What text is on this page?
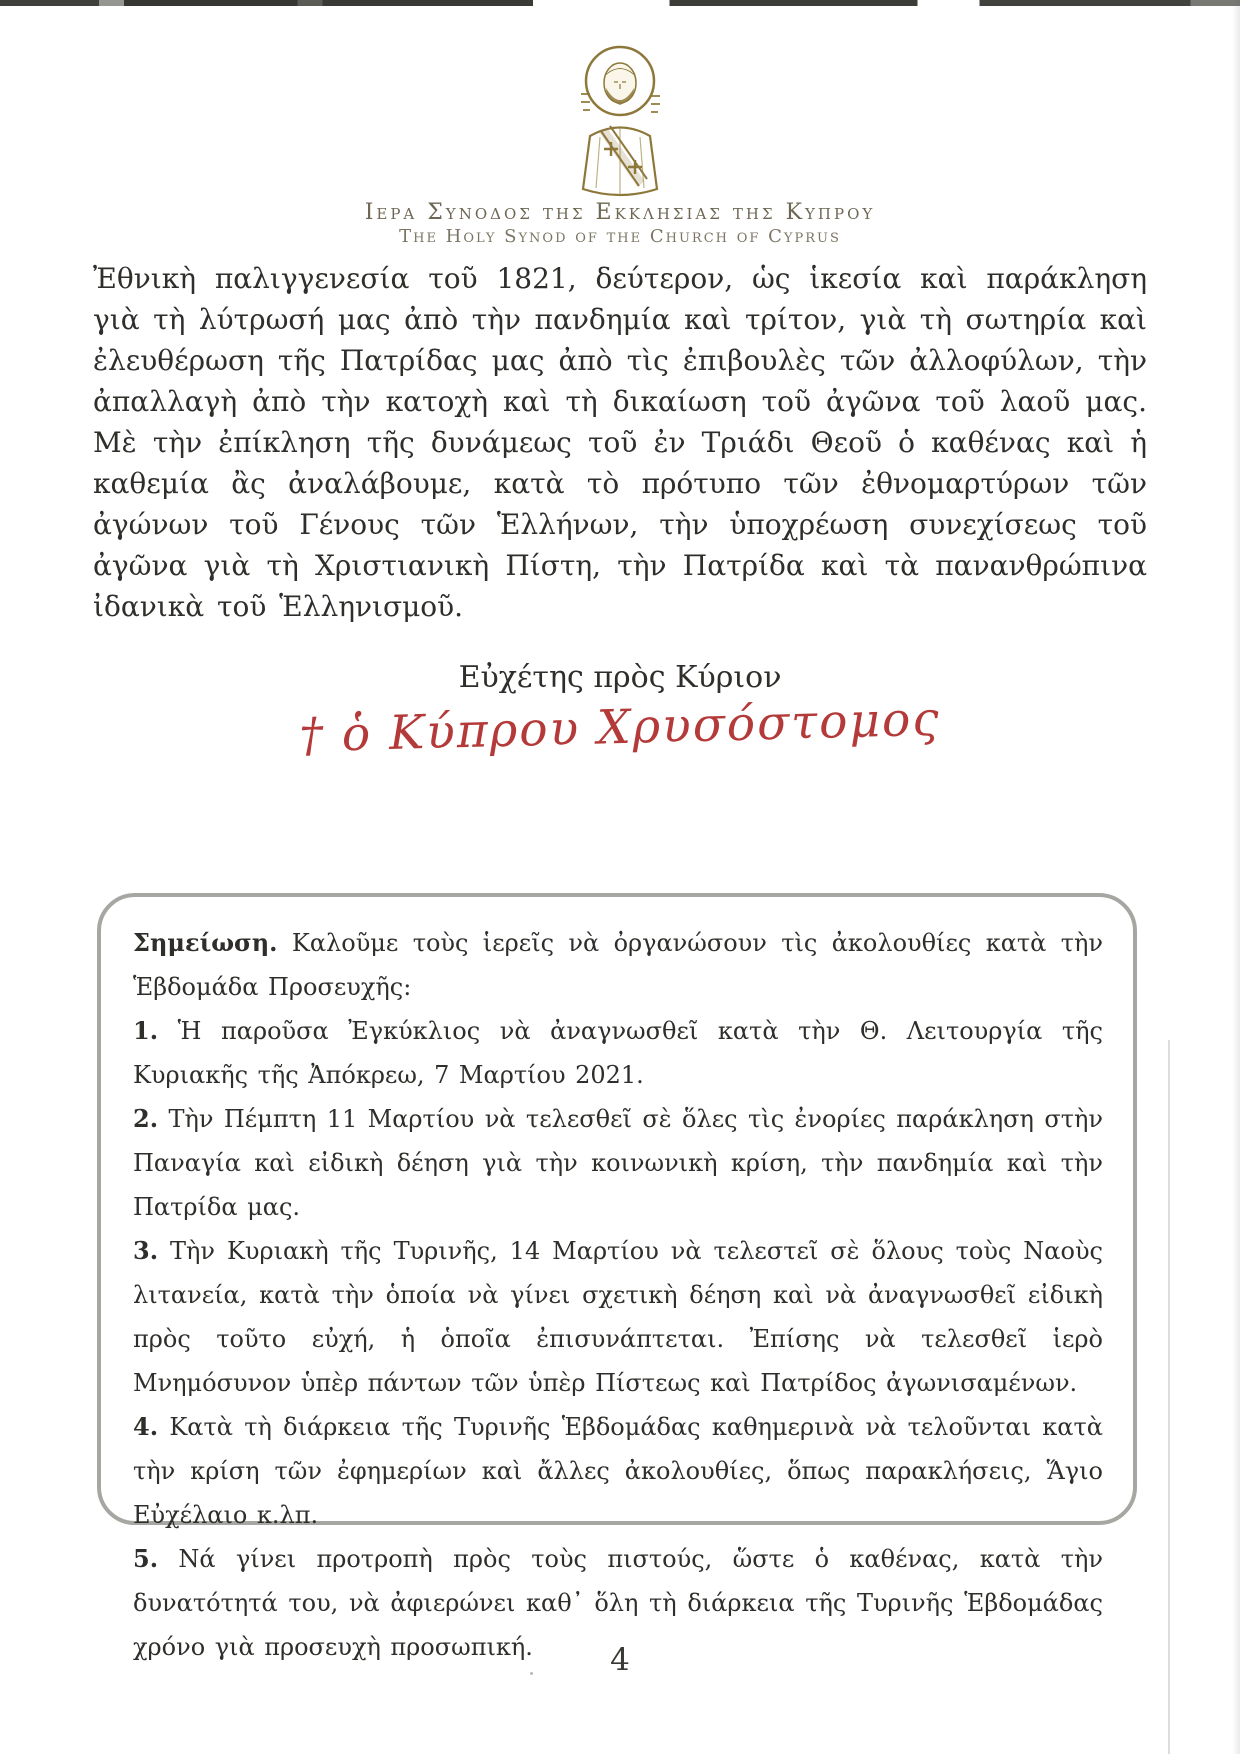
Ιερα Συνοδος της Εκκλησιας της Κυπρου
The Holy Synod of the Church of Cyprus
Ἐθνικὴ παλιγγενεσία τοῦ 1821, δεύτερον, ὡς ἱκεσία καὶ παράκληση γιὰ τὴ λύτρωσή μας ἀπὸ τὴν πανδημία καὶ τρίτον, γιὰ τὴ σωτηρία καὶ ἐλευθέρωση τῆς Πατρίδας μας ἀπὸ τὶς ἐπιβουλὲς τῶν ἀλλοφύλων, τὴν ἀπαλλαγὴ ἀπὸ τὴν κατοχὴ καὶ τὴ δικαίωση τοῦ ἀγῶνα τοῦ λαοῦ μας. Μὲ τὴν ἐπίκληση τῆς δυνάμεως τοῦ ἐν Τριάδι Θεοῦ ὁ καθένας καὶ ἡ καθεμία ἂς ἀναλάβουμε, κατὰ τὸ πρότυπο τῶν ἐθνομαρτύρων τῶν ἀγώνων τοῦ Γένους τῶν Ἑλλήνων, τὴν ὑποχρέωση συνεχίσεως τοῦ ἀγῶνα γιὰ τὴ Χριστιανικὴ Πίστη, τὴν Πατρίδα καὶ τὰ πανανθρώπινα ἰδανικὰ τοῦ Ἑλληνισμοῦ.
Εὐχέτης πρὸς Κύριον
† ὁ Κύπρου Χρυσόστομος

Σημείωση. Καλοῦμε τοὺς ἱερεῖς νὰ ὀργανώσουν τὶς ἀκολουθίες κατὰ τὴν Ἑβδομάδα Προσευχῆς:

1. Ἡ παροῦσα Ἐγκύκλιος νὰ ἀναγνωσθεῖ κατὰ τὴν Θ. Λειτουργία τῆς Κυριακῆς τῆς Ἀπόκρεω, 7 Μαρτίου 2021.

2. Τὴν Πέμπτη 11 Μαρτίου νὰ τελεσθεῖ σὲ ὅλες τὶς ἐνορίες παράκληση στὴν Παναγία καὶ εἰδικὴ δέηση γιὰ τὴν κοινωνικὴ κρίση, τὴν πανδημία καὶ τὴν Πατρίδα μας.

3. Τὴν Κυριακὴ τῆς Τυρινῆς, 14 Μαρτίου νὰ τελεστεῖ σὲ ὅλους τοὺς Ναοὺς λιτανεία, κατὰ τὴν ὁποία νὰ γίνει σχετικὴ δέηση καὶ νὰ ἀναγνωσθεῖ εἰδικὴ πρὸς τοῦτο εὐχή, ἡ ὁποῖα ἐπισυνάπτεται. Ἐπίσης νὰ τελεσθεῖ ἱερὸ Μνημόσυνον ὑπὲρ πάντων τῶν ὑπὲρ Πίστεως καὶ Πατρίδος ἀγωνισαμένων.

4. Κατὰ τὴ διάρκεια τῆς Τυρινῆς Ἑβδομάδας καθημερινὰ νὰ τελοῦνται κατὰ τὴν κρίση τῶν ἐφημερίων καὶ ἄλλες ἀκολουθίες, ὅπως παρακλήσεις, Ἅγιο Εὐχέλαιο κ.λπ.

5. Νά γίνει προτροπὴ πρὸς τοὺς πιστούς, ὥστε ὁ καθένας, κατὰ τὴν δυνατότητά του, νὰ ἀφιερώνει καθ᾽ ὅλη τὴ διάρκεια τῆς Τυρινῆς Ἑβδομάδας χρόνο γιὰ προσευχὴ προσωπική.	4
